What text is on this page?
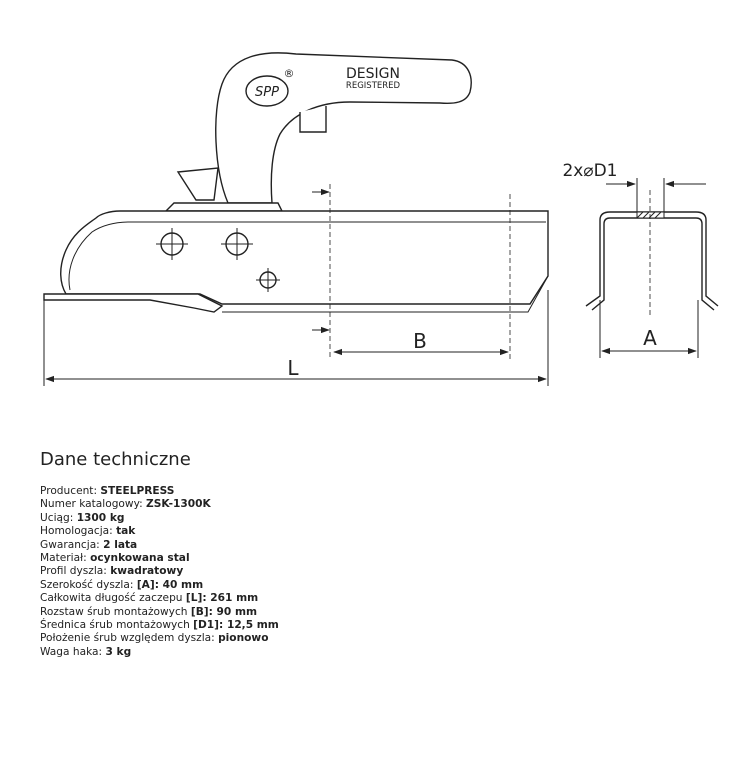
SPP
®	DESIGN
REGISTERED
B
L
2x⌀D1
A
Dane techniczne
Producent: STEELPRESS
Numer katalogowy: ZSK-1300K
Uciąg: 1300 kg
Homologacja: tak
Gwarancja: 2 lata
Materiał: ocynkowana stal
Profil dyszla: kwadratowy
Szerokość dyszla: [A]: 40 mm
Całkowita długość zaczepu [L]: 261 mm
Rozstaw śrub montażowych [B]: 90 mm
Średnica śrub montażowych [D1]: 12,5 mm
Położenie śrub względem dyszla: pionowo
Waga haka: 3 kg
